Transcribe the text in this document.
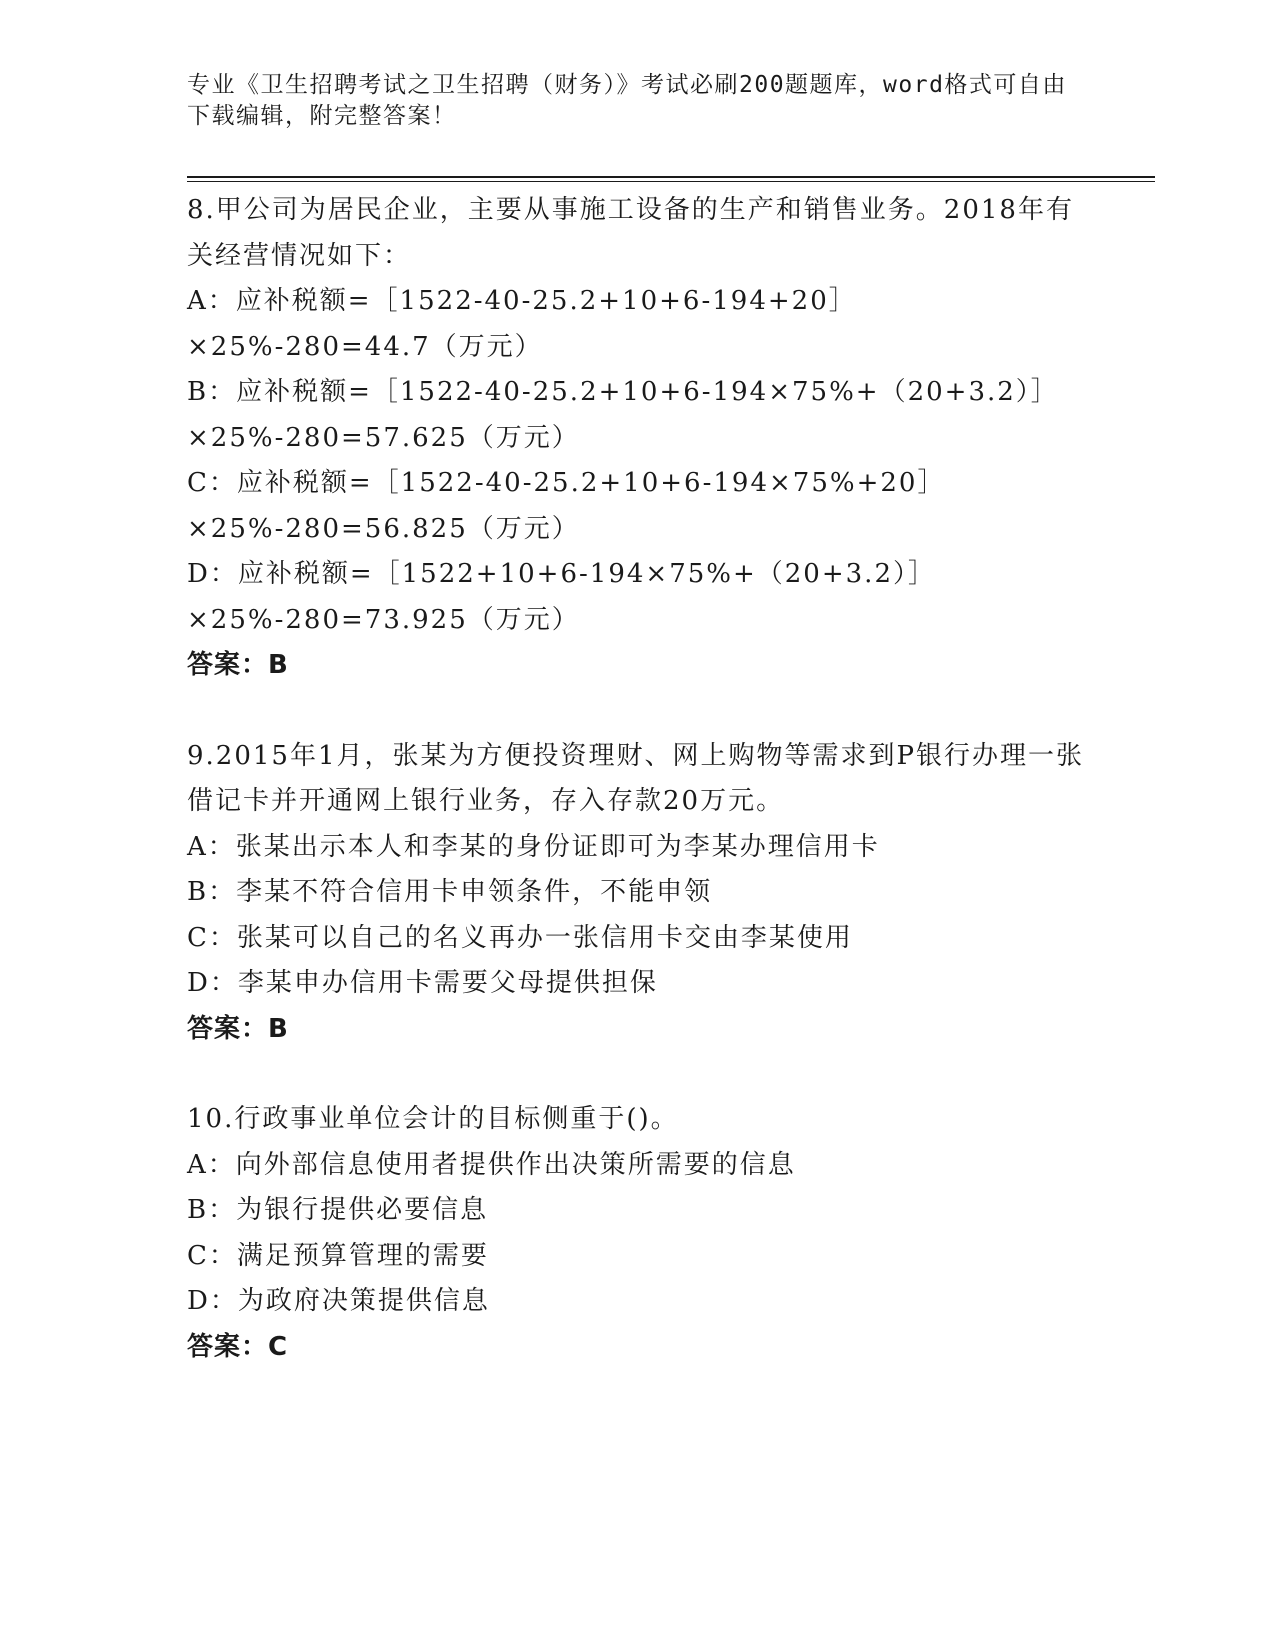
专业《卫生招聘考试之卫生招聘（财务）》考试必刷200题题库，word格式可自由下载编辑，附完整答案！
8.甲公司为居民企业，主要从事施工设备的生产和销售业务。2018年有关经营情况如下：
A：应补税额=［1522-40-25.2+10+6-194+20］×25%-280=44.7（万元）
B：应补税额=［1522-40-25.2+10+6-194×75%+（20+3.2）］×25%-280=57.625（万元）
C：应补税额=［1522-40-25.2+10+6-194×75%+20］×25%-280=56.825（万元）
D：应补税额=［1522+10+6-194×75%+（20+3.2）］×25%-280=73.925（万元）
答案：B
9.2015年1月，张某为方便投资理财、网上购物等需求到P银行办理一张借记卡并开通网上银行业务，存入存款20万元。
A：张某出示本人和李某的身份证即可为李某办理信用卡
B：李某不符合信用卡申领条件，不能申领
C：张某可以自己的名义再办一张信用卡交由李某使用
D：李某申办信用卡需要父母提供担保
答案：B
10.行政事业单位会计的目标侧重于()。
A：向外部信息使用者提供作出决策所需要的信息
B：为银行提供必要信息
C：满足预算管理的需要
D：为政府决策提供信息
答案：C
